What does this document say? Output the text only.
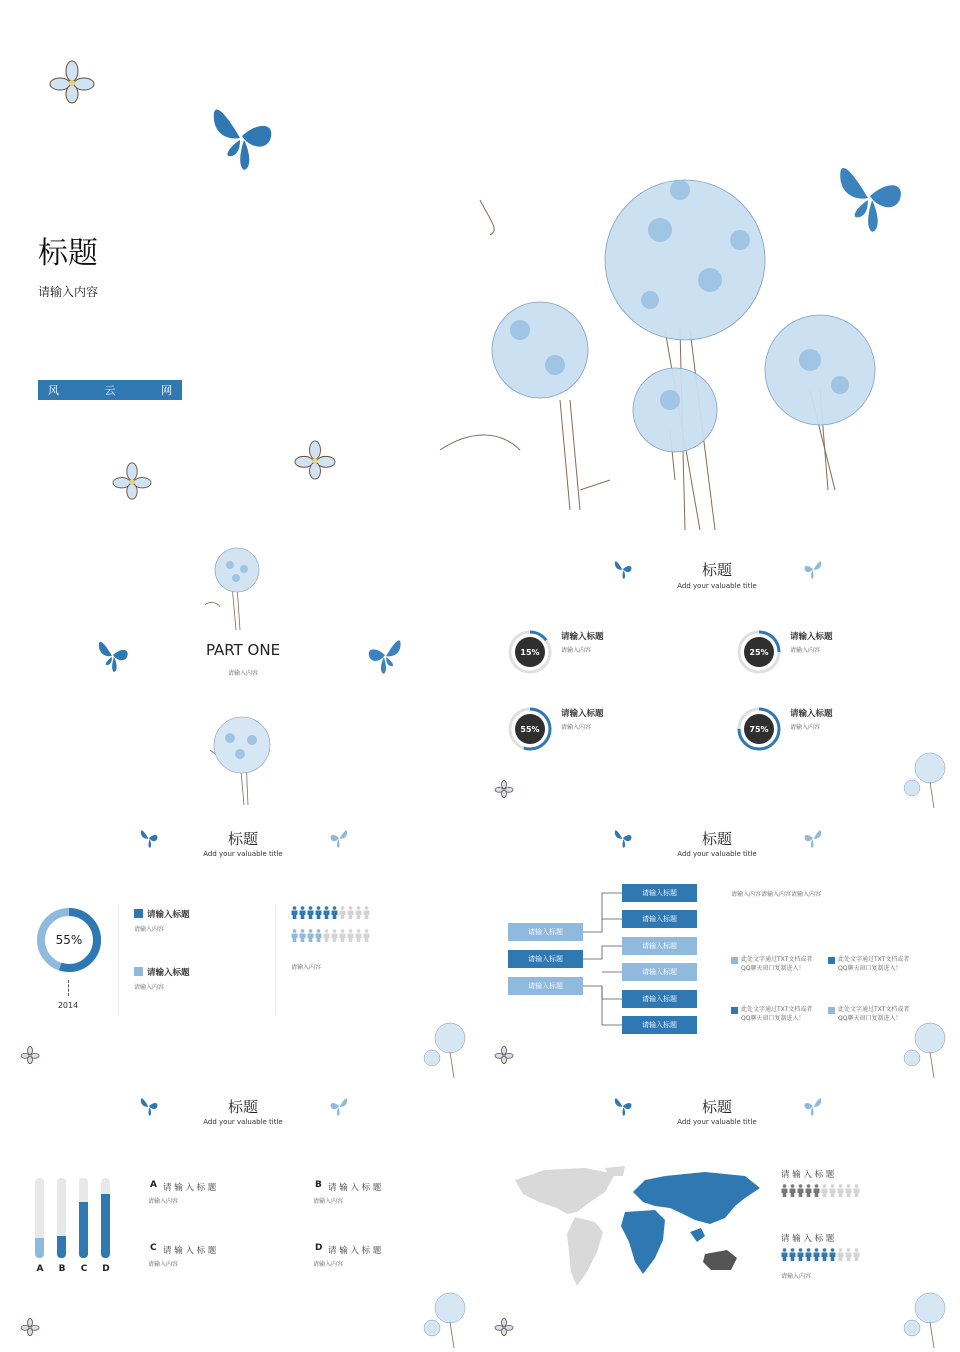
标题
请输入内容
风	云	网
PART ONE
请输入内容
标题
Add your valuable title
15%
请输入标题
请输入内容	25%
请输入标题
请输入内容
55%
请输入标题
请输入内容	75%
请输入标题
请输入内容
标题
Add your valuable title
55%
2014
请输入标题
请输入内容
请输入标题
请输入内容
请输入内容
标题
Add your valuable title
请输入标题
请输入标题
请输入标题
请输入标题
请输入标题
请输入标题
请输入标题
请输入标题
请输入标题
请输入内容请输入内容请输入内容
此处文字通过TXT文档或者QQ聊天窗口复制进入！
此处文字通过TXT文档或者QQ聊天窗口复制进入！
此处文字通过TXT文档或者QQ聊天窗口复制进入！
此处文字通过TXT文档或者QQ聊天窗口复制进入！
标题
Add your valuable title
A	B	C	D
A 请 输 入 标 题
请输入内容
B 请 输 入 标 题
请输入内容
C 请 输 入 标 题
请输入内容
D 请 输 入 标 题
请输入内容
标题
Add your valuable title
请 输 入 标 题
请 输 入 标 题
请输入内容
